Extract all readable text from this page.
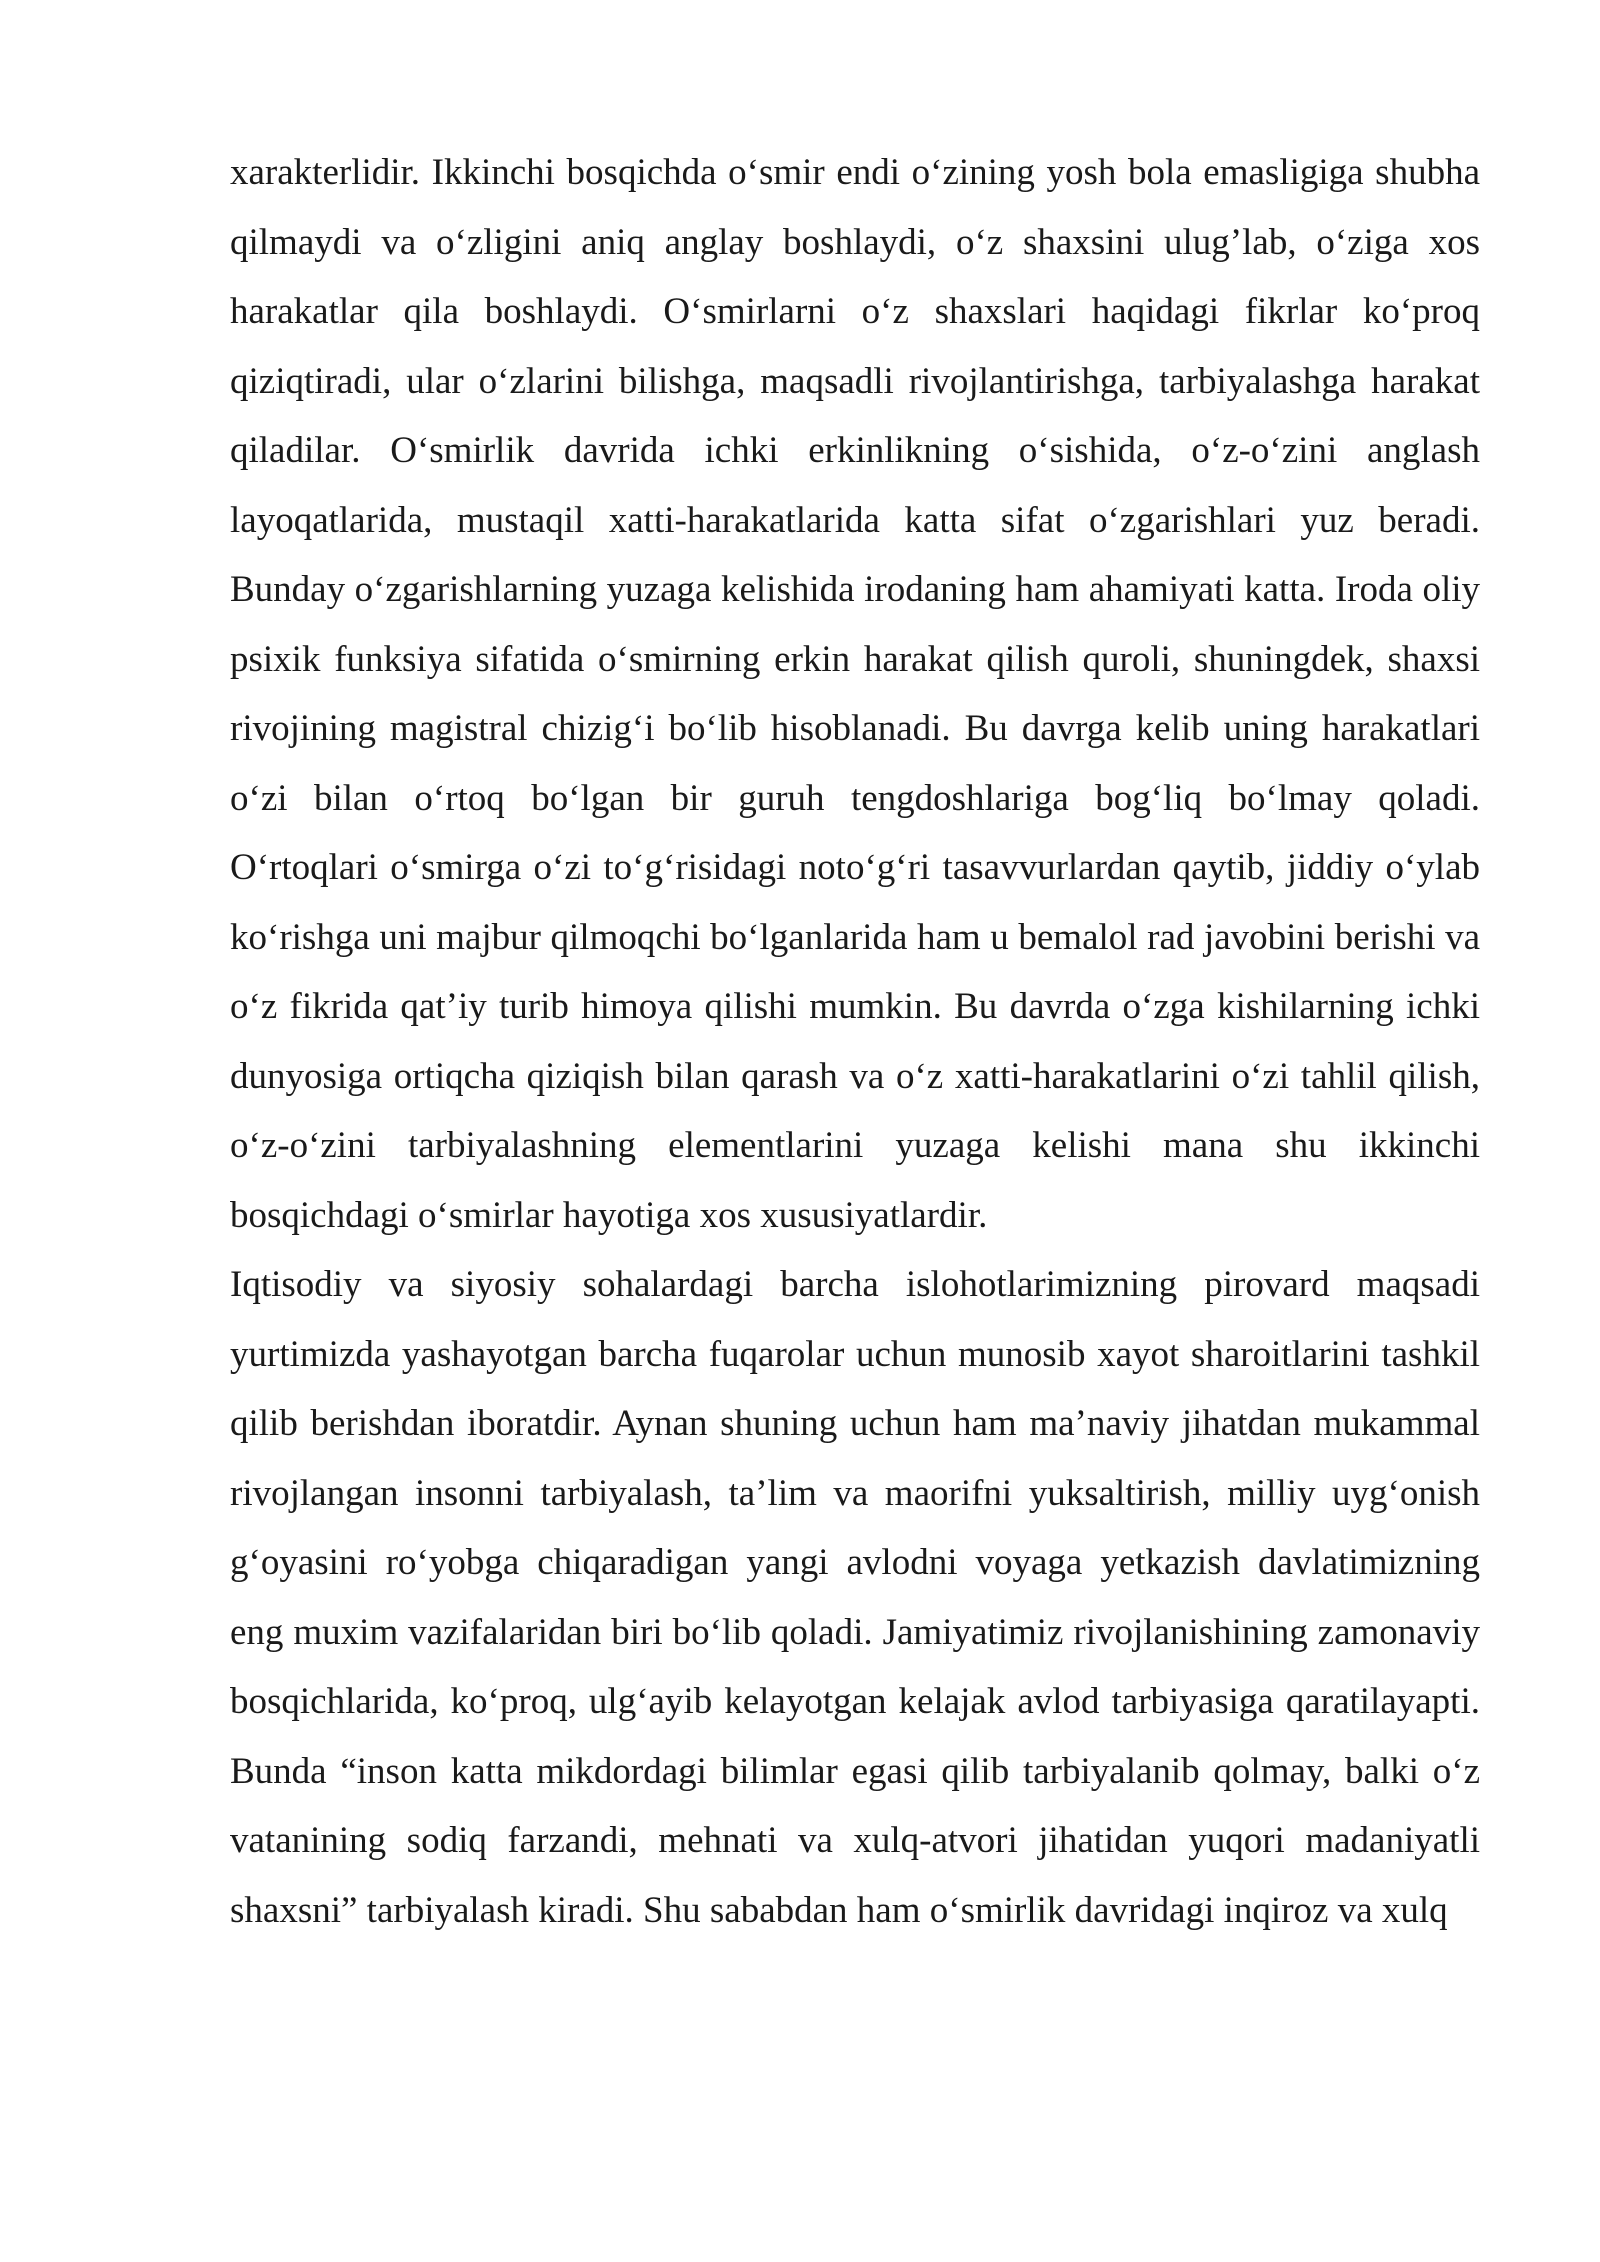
xarakterlidir. Ikkinchi bosqichda o‘smir endi o‘zining yosh bola emasligiga shubha qilmaydi va o‘zligini aniq anglay boshlaydi, o‘z shaxsini ulug’lab, o‘ziga xos harakatlar qila boshlaydi. O‘smirlarni o‘z shaxslari haqidagi fikrlar ko‘proq qiziqtiradi, ular o‘zlarini bilishga, maqsadli rivojlantirishga, tarbiyalashga harakat qiladilar. O‘smirlik davrida ichki erkinlikning o‘sishida, o‘z-o‘zini anglash layoqatlarida, mustaqil xatti-harakatlarida katta sifat o‘zgarishlari yuz beradi. Bunday o‘zgarishlarning yuzaga kelishida irodaning ham ahamiyati katta. Iroda oliy psixik funksiya sifatida o‘smirning erkin harakat qilish quroli, shuningdek, shaxsi rivojining magistral chizig‘i bo‘lib hisoblanadi. Bu davrga kelib uning harakatlari o‘zi bilan o‘rtoq bo‘lgan bir guruh tengdoshlariga bog‘liq bo‘lmay qoladi. O‘rtoqlari o‘smirga o‘zi to‘g‘risidagi noto‘g‘ri tasavvurlardan qaytib, jiddiy o‘ylab ko‘rishga uni majbur qilmoqchi bo‘lganlarida ham u bemalol rad javobini berishi va o‘z fikrida qat’iy turib himoya qilishi mumkin. Bu davrda o‘zga kishilarning ichki dunyosiga ortiqcha qiziqish bilan qarash va o‘z xatti-harakatlarini o‘zi tahlil qilish, o‘z-o‘zini tarbiyalashning elementlarini yuzaga kelishi mana shu ikkinchi bosqichdagi o‘smirlar hayotiga xos xususiyatlardir.

Iqtisodiy va siyosiy sohalardagi barcha islohotlarimizning pirovard maqsadi yurtimizda yashayotgan barcha fuqarolar uchun munosib xayot sharoitlarini tashkil qilib berishdan iboratdir. Aynan shuning uchun ham ma’naviy jihatdan mukammal rivojlangan insonni tarbiyalash, ta’lim va maorifni yuksaltirish, milliy uyg‘onish g‘oyasini ro‘yobga chiqaradigan yangi avlodni voyaga yetkazish davlatimizning eng muxim vazifalaridan biri bo‘lib qoladi. Jamiyatimiz rivojlanishining zamonaviy bosqichlarida, ko‘proq, ulg‘ayib kelayotgan kelajak avlod tarbiyasiga qaratilayapti. Bunda “inson katta mikdordagi bilimlar egasi qilib tarbiyalanib qolmay, balki o‘z vatanining sodiq farzandi, mehnati va xulq-atvori jihatidan yuqori madaniyatli shaxsni” tarbiyalash kiradi. Shu sababdan ham o‘smirlik davridagi inqiroz va xulq
